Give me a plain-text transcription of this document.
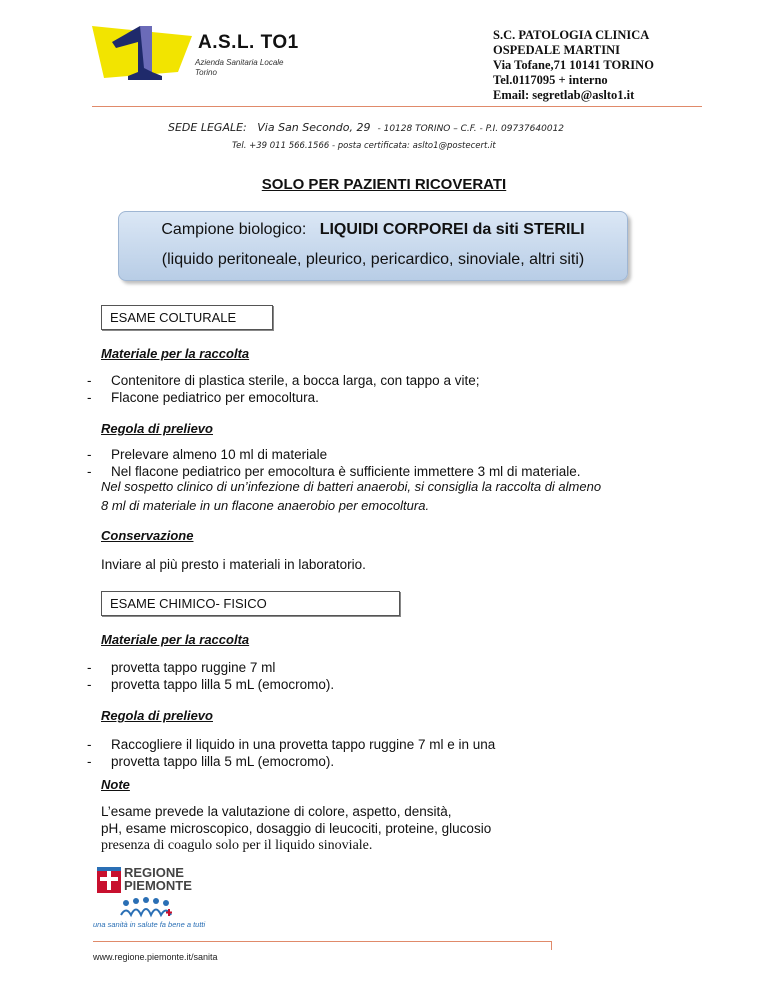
A.S.L. TO1
Azienda Sanitaria Locale
Torino
S.C. PATOLOGIA CLINICA
OSPEDALE MARTINI
Via Tofane,71 10141 TORINO
Tel.0117095 + interno
Email: segretlab@aslto1.it
SEDE LEGALE: Via San Secondo, 29 - 10128 TORINO – C.F. - P.I. 09737640012
Tel. +39 011 566.1566 - posta certificata: aslto1@postecert.it
SOLO PER PAZIENTI RICOVERATI
Campione biologico: LIQUIDI CORPOREI da siti STERILI
(liquido peritoneale, pleurico, pericardico, sinoviale, altri siti)
ESAME COLTURALE
Materiale per la raccolta
- Contenitore di plastica sterile, a bocca larga, con tappo a vite;
- Flacone pediatrico per emocoltura.
Regola di prelievo
- Prelevare almeno 10 ml di materiale
- Nel flacone pediatrico per emocoltura è sufficiente immettere 3 ml di materiale.
Nel sospetto clinico di un’infezione di batteri anaerobi, si consiglia la raccolta di almeno
8 ml di materiale in un flacone anaerobio per emocoltura.
Conservazione
Inviare al più presto i materiali in laboratorio.
ESAME CHIMICO- FISICO
Materiale per la raccolta
- provetta tappo ruggine 7 ml
- provetta tappo lilla 5 mL (emocromo).
Regola di prelievo
- Raccogliere il liquido in una provetta tappo ruggine 7 ml e in una
- provetta tappo lilla 5 mL (emocromo).
Note
L’esame prevede la valutazione di colore, aspetto, densità,
pH, esame microscopico, dosaggio di leucociti, proteine, glucosio
presenza di coagulo solo per il liquido sinoviale.
REGIONE
PIEMONTE
una sanità in salute fa bene a tutti
www.regione.piemonte.it/sanita
